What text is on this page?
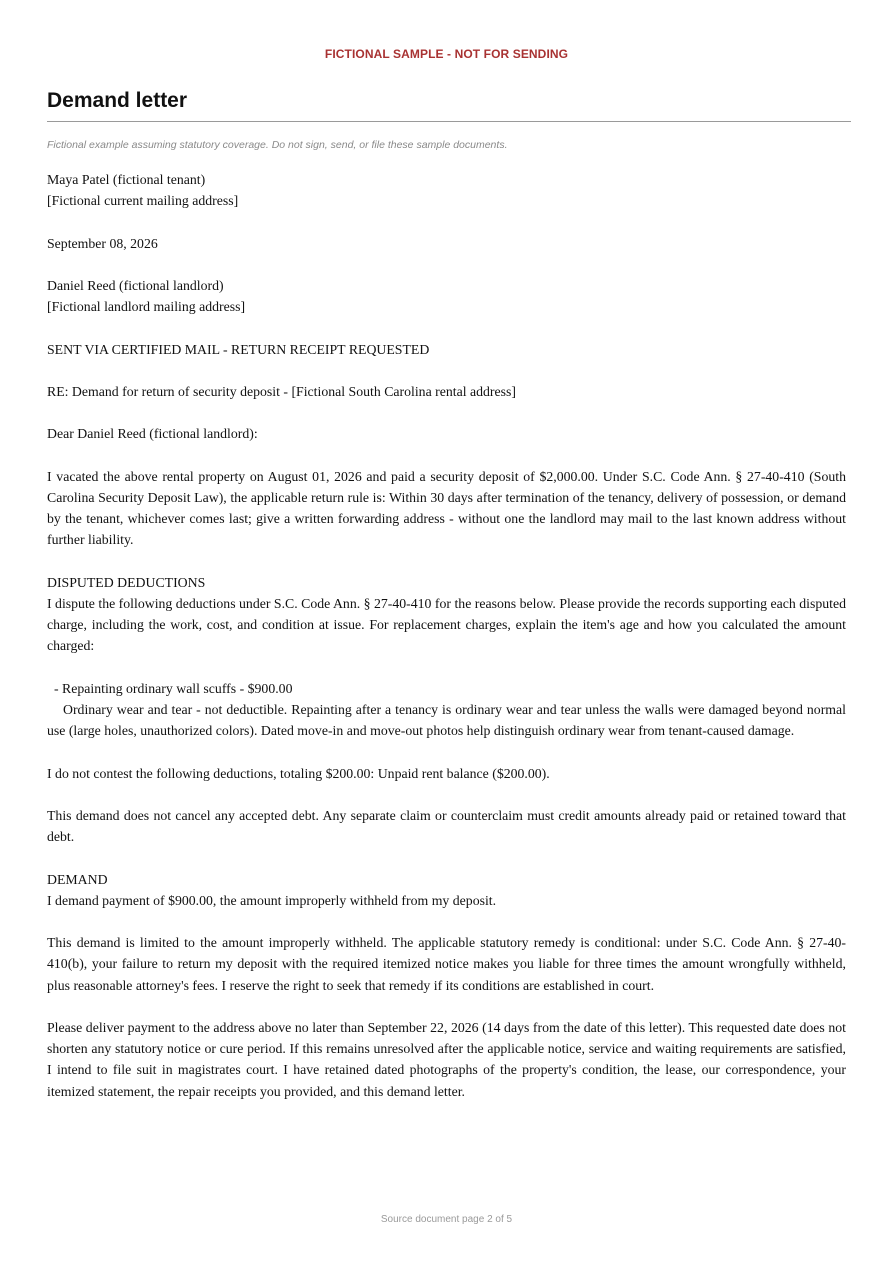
FICTIONAL SAMPLE - NOT FOR SENDING
Demand letter
Fictional example assuming statutory coverage. Do not sign, send, or file these sample documents.

Maya Patel (fictional tenant)
[Fictional current mailing address]

September 08, 2026

Daniel Reed (fictional landlord)
[Fictional landlord mailing address]

SENT VIA CERTIFIED MAIL - RETURN RECEIPT REQUESTED

RE: Demand for return of security deposit - [Fictional South Carolina rental address]

Dear Daniel Reed (fictional landlord):

I vacated the above rental property on August 01, 2026 and paid a security deposit of $2,000.00. Under S.C. Code Ann. § 27-40-410 (South Carolina Security Deposit Law), the applicable return rule is: Within 30 days after termination of the tenancy, delivery of possession, or demand by the tenant, whichever comes last; give a written forwarding address - without one the landlord may mail to the last known address without further liability.

DISPUTED DEDUCTIONS
I dispute the following deductions under S.C. Code Ann. § 27-40-410 for the reasons below. Please provide the records supporting each disputed charge, including the work, cost, and condition at issue. For replacement charges, explain the item's age and how you calculated the amount charged:

- Repainting ordinary wall scuffs - $900.00
Ordinary wear and tear - not deductible. Repainting after a tenancy is ordinary wear and tear unless the walls were damaged beyond normal use (large holes, unauthorized colors). Dated move-in and move-out photos help distinguish ordinary wear from tenant-caused damage.

I do not contest the following deductions, totaling $200.00: Unpaid rent balance ($200.00).

This demand does not cancel any accepted debt. Any separate claim or counterclaim must credit amounts already paid or retained toward that debt.

DEMAND
I demand payment of $900.00, the amount improperly withheld from my deposit.

This demand is limited to the amount improperly withheld. The applicable statutory remedy is conditional: under S.C. Code Ann. § 27-40-410(b), your failure to return my deposit with the required itemized notice makes you liable for three times the amount wrongfully withheld, plus reasonable attorney's fees. I reserve the right to seek that remedy if its conditions are established in court.

Please deliver payment to the address above no later than September 22, 2026 (14 days from the date of this letter). This requested date does not shorten any statutory notice or cure period. If this remains unresolved after the applicable notice, service and waiting requirements are satisfied, I intend to file suit in magistrates court. I have retained dated photographs of the property's condition, the lease, our correspondence, your itemized statement, the repair receipts you provided, and this demand letter.

Source document page 2 of 5
